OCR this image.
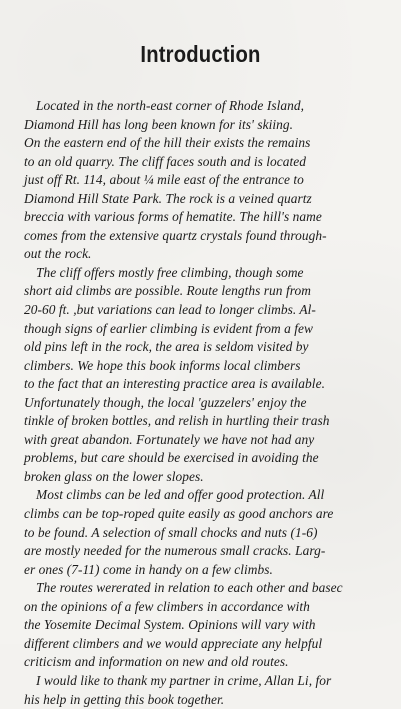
Introduction
Located in the north-east corner of Rhode Island,
Diamond Hill has long been known for its' skiing.
On the eastern end of the hill their exists the remains
to an old quarry. The cliff faces south and is located
just off Rt. 114, about ¼ mile east of the entrance to
Diamond Hill State Park. The rock is a veined quartz
breccia with various forms of hematite. The hill's name
comes from the extensive quartz crystals found through-
out the rock.
The cliff offers mostly free climbing, though some
short aid climbs are possible. Route lengths run from
20-60 ft. ,but variations can lead to longer climbs. Al-
though signs of earlier climbing is evident from a few
old pins left in the rock, the area is seldom visited by
climbers. We hope this book informs local climbers
to the fact that an interesting practice area is available.
Unfortunately though, the local 'guzzelers' enjoy the
tinkle of broken bottles, and relish in hurtling their trash
with great abandon. Fortunately we have not had any
problems, but care should be exercised in avoiding the
broken glass on the lower slopes.
Most climbs can be led and offer good protection. All
climbs can be top-roped quite easily as good anchors are
to be found. A selection of small chocks and nuts (1-6)
are mostly needed for the numerous small cracks. Larg-
er ones (7-11) come in handy on a few climbs.
The routes wererated in relation to each other and basec
on the opinions of a few climbers in accordance with
the Yosemite Decimal System. Opinions will vary with
different climbers and we would appreciate any helpful
criticism and information on new and old routes.
I would like to thank my partner in crime, Allan Li, for
his help in getting this book together.
